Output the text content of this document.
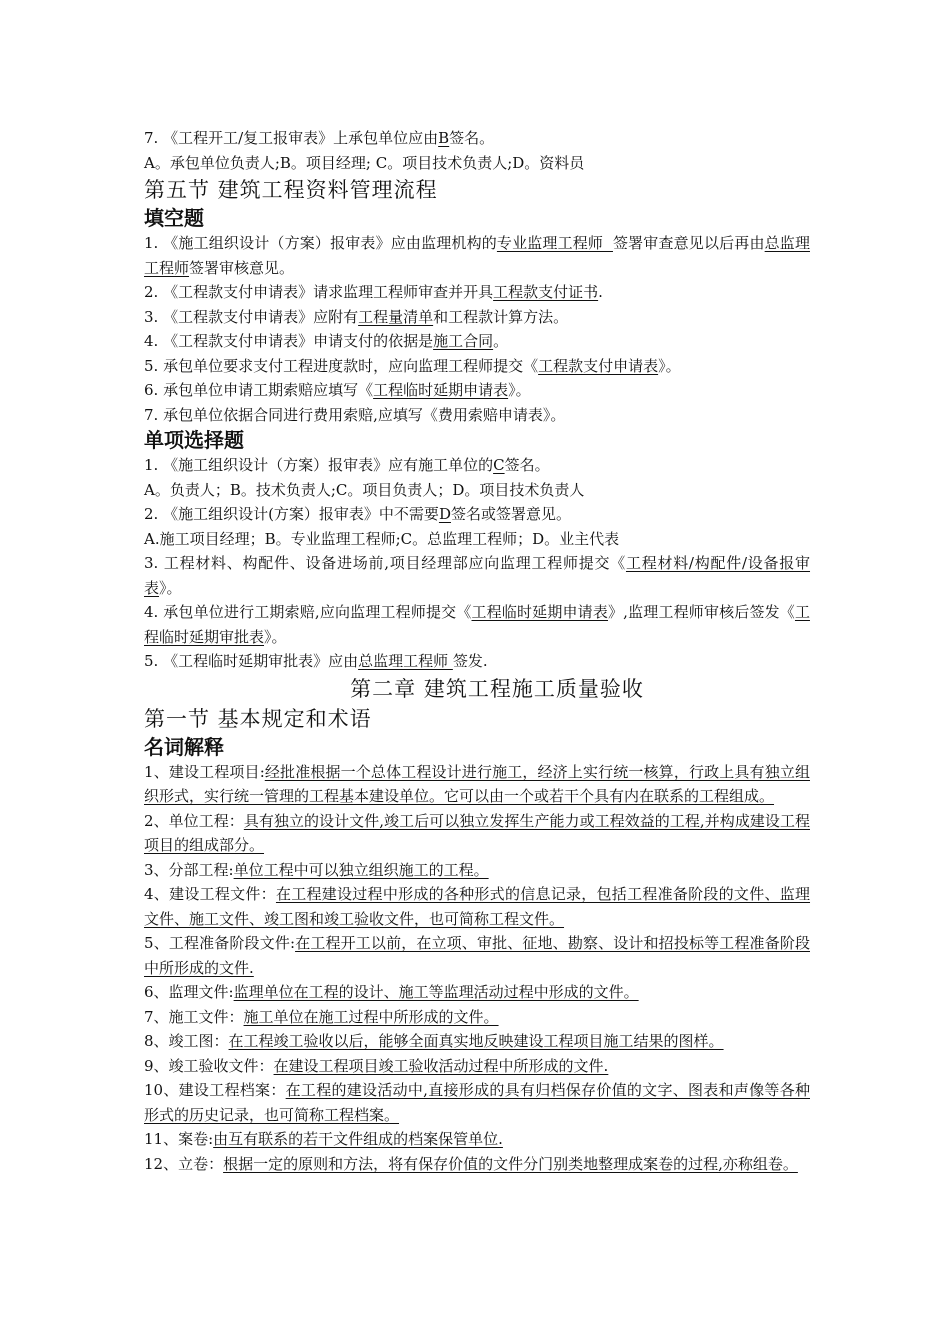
7. 《工程开工/复工报审表》上承包单位应由B签名。

A。承包单位负责人;B。项目经理; C。项目技术负责人;D。资料员

第五节 建筑工程资料管理流程
填空题

1. 《施工组织设计（方案）报审表》应由监理机构的专业监理工程师  签署审查意见以后再由总监理工程师签署审核意见。

2. 《工程款支付申请表》请求监理工程师审查并开具工程款支付证书.

3. 《工程款支付申请表》应附有工程量清单和工程款计算方法。

4. 《工程款支付申请表》申请支付的依据是施工合同。

5. 承包单位要求支付工程进度款时，应向监理工程师提交《工程款支付申请表》。

6. 承包单位申请工期索赔应填写《工程临时延期申请表》。

7. 承包单位依据合同进行费用索赔,应填写《费用索赔申请表》。

单项选择题

1. 《施工组织设计（方案）报审表》应有施工单位的C签名。

A。负责人；B。技术负责人;C。项目负责人；D。项目技术负责人

2. 《施工组织设计(方案）报审表》中不需要D签名或签署意见。

A.施工项目经理；B。专业监理工程师;C。总监理工程师；D。业主代表

3. 工程材料、构配件、设备进场前,项目经理部应向监理工程师提交《工程材料/构配件/设备报审表》。

4. 承包单位进行工期索赔,应向监理工程师提交《工程临时延期申请表》,监理工程师审核后签发《工程临时延期审批表》。

5. 《工程临时延期审批表》应由总监理工程师 签发.

第二章 建筑工程施工质量验收
第一节 基本规定和术语
名词解释

1、建设工程项目:经批准根据一个总体工程设计进行施工，经济上实行统一核算，行政上具有独立组织形式，实行统一管理的工程基本建设单位。它可以由一个或若干个具有内在联系的工程组成。

2、单位工程：具有独立的设计文件,竣工后可以独立发挥生产能力或工程效益的工程,并构成建设工程项目的组成部分。

3、分部工程:单位工程中可以独立组织施工的工程。

4、建设工程文件：在工程建设过程中形成的各种形式的信息记录，包括工程准备阶段的文件、监理文件、施工文件、竣工图和竣工验收文件，也可简称工程文件。

5、工程准备阶段文件:在工程开工以前，在立项、审批、征地、勘察、设计和招投标等工程准备阶段中所形成的文件.

6、监理文件:监理单位在工程的设计、施工等监理活动过程中形成的文件。

7、施工文件：施工单位在施工过程中所形成的文件。

8、竣工图：在工程竣工验收以后，能够全面真实地反映建设工程项目施工结果的图样。

9、竣工验收文件：在建设工程项目竣工验收活动过程中所形成的文件.

10、建设工程档案：在工程的建设活动中,直接形成的具有归档保存价值的文字、图表和声像等各种形式的历史记录，也可简称工程档案。

11、案卷:由互有联系的若干文件组成的档案保管单位.

12、立卷：根据一定的原则和方法，将有保存价值的文件分门别类地整理成案卷的过程,亦称组卷。
